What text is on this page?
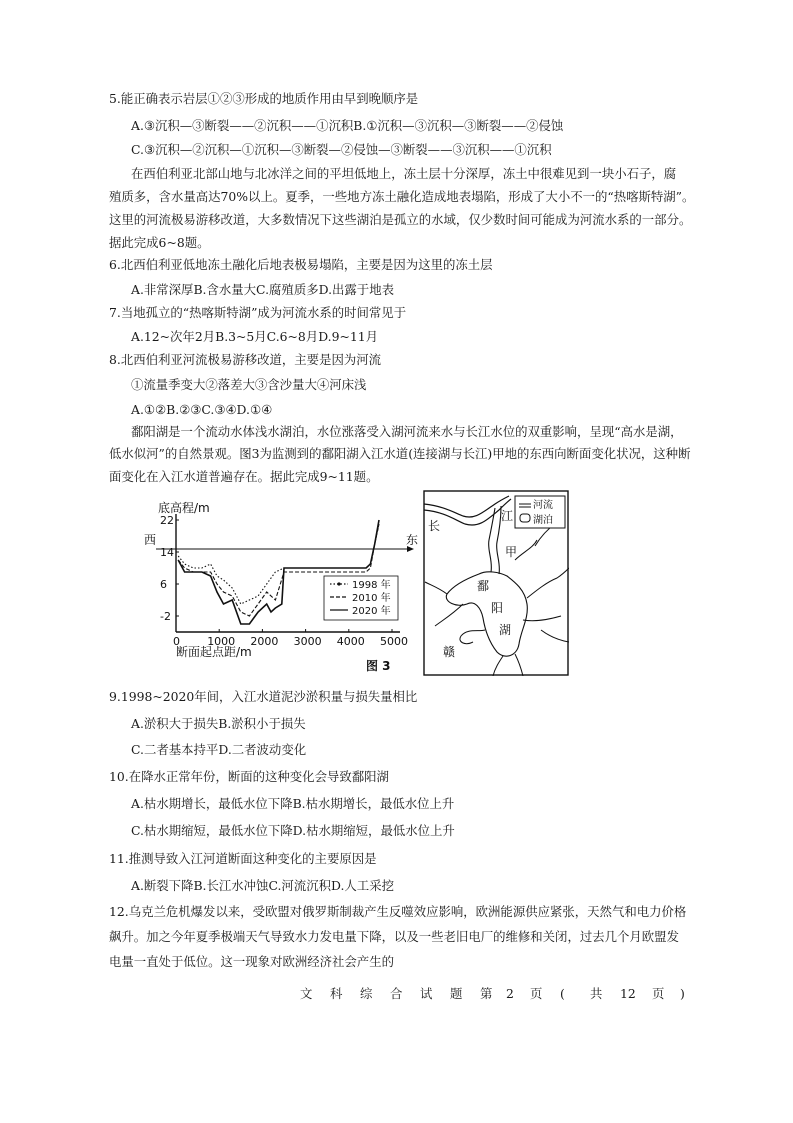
5.能正确表示岩层①②③形成的地质作用由早到晚顺序是
A.③沉积—③断裂——②沉积——①沉积B.①沉积—③沉积—③断裂——②侵蚀
C.③沉积—②沉积—①沉积—③断裂—②侵蚀—③断裂——③沉积——①沉积
在西伯利亚北部山地与北冰洋之间的平坦低地上，冻土层十分深厚，冻土中很难见到一块小石子，腐
殖质多，含水量高达70%以上。夏季，一些地方冻土融化造成地表塌陷，形成了大小不一的“热喀斯特湖”。
这里的河流极易游移改道，大多数情况下这些湖泊是孤立的水域，仅少数时间可能成为河流水系的一部分。
据此完成6~8题。
6.北西伯利亚低地冻土融化后地表极易塌陷，主要是因为这里的冻土层
A.非常深厚B.含水量大C.腐殖质多D.出露于地表
7.当地孤立的“热喀斯特湖”成为河流水系的时间常见于
A.12~次年2月B.3~5月C.6~8月D.9~11月
8.北西伯利亚河流极易游移改道，主要是因为河流
①流量季变大②落差大③含沙量大④河床浅
A.①②B.②③C.③④D.①④
鄱阳湖是一个流动水体浅水湖泊，水位涨落受入湖河流来水与长江水位的双重影响，呈现“高水是湖，
低水似河”的自然景观。图3为监测到的鄱阳湖入江水道(连接湖与长江)甲地的东西向断面变化状况，这种断
面变化在入江水道普遍存在。据此完成9~11题。
底高程/m
西	东
断面起点距/m
图 3
0 1000 2000 3000 4000 5000
-2
6
14
22
1998 年
2010 年
2020 年
河流
湖泊
长
江
甲
鄱
阳
湖
赣
9.1998~2020年间，入江水道泥沙淤积量与损失量相比
A.淤积大于损失B.淤积小于损失
C.二者基本持平D.二者波动变化
10.在降水正常年份，断面的这种变化会导致鄱阳湖
A.枯水期增长，最低水位下降B.枯水期增长，最低水位上升
C.枯水期缩短，最低水位下降D.枯水期缩短，最低水位上升
11.推测导致入江河道断面这种变化的主要原因是
A.断裂下降B.长江水冲蚀C.河流沉积D.人工采挖
12.乌克兰危机爆发以来，受欧盟对俄罗斯制裁产生反噬效应影响，欧洲能源供应紧张，天然气和电力价格
飙升。加之今年夏季极端天气导致水力发电量下降，以及一些老旧电厂的维修和关闭，过去几个月欧盟发
电量一直处于低位。这一现象对欧洲经济社会产生的
文 科 综 合 试 题 第 2 页 ( 共 12 页 )
